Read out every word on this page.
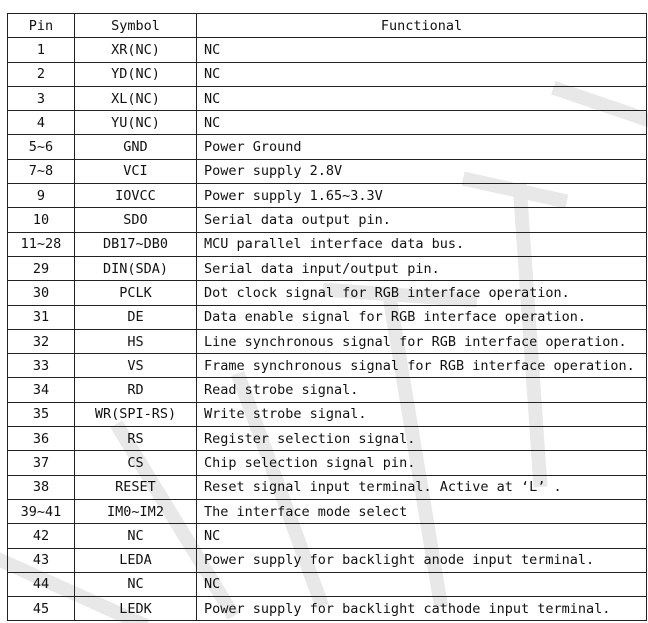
Pin	Symbol	Functional
1	XR(NC)	NC
2	YD(NC)	NC
3	XL(NC)	NC
4	YU(NC)	NC
5~6	GND	Power Ground
7~8	VCI	Power supply 2.8V
9	IOVCC	Power supply 1.65~3.3V
10	SDO	Serial data output pin.
11~28	DB17~DB0	MCU parallel interface data bus.
29	DIN(SDA)	Serial data input/output pin.
30	PCLK	Dot clock signal for RGB interface operation.
31	DE	Data enable signal for RGB interface operation.
32	HS	Line synchronous signal for RGB interface operation.
33	VS	Frame synchronous signal for RGB interface operation.
34	RD	Read strobe signal.
35	WR(SPI-RS)	Write strobe signal.
36	RS	Register selection signal.
37	CS	Chip selection signal pin.
38	RESET	Reset signal input terminal. Active at ‘L’ .
39~41	IM0~IM2	The interface mode select
42	NC	NC
43	LEDA	Power supply for backlight anode input terminal.
44	NC	NC
45	LEDK	Power supply for backlight cathode input terminal.
